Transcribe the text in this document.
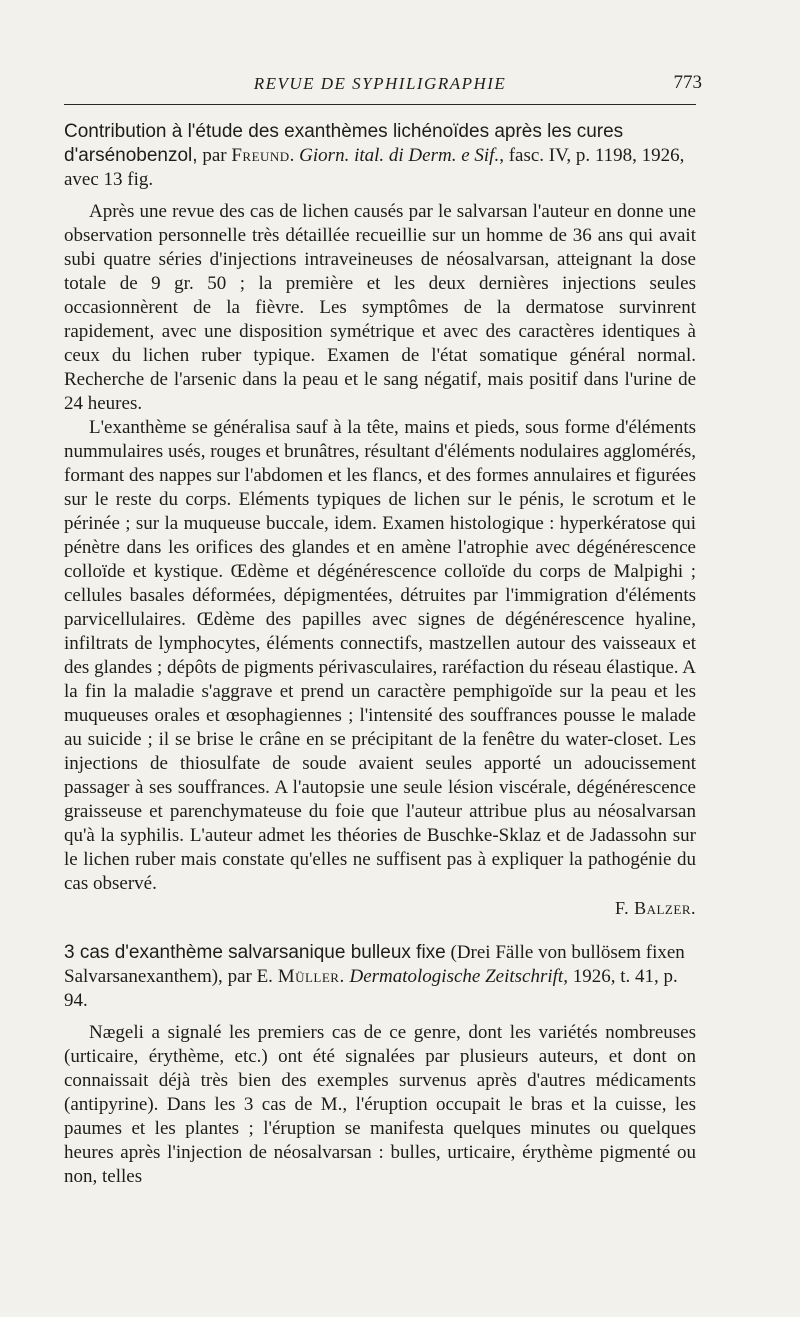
REVUE DE SYPHILIGRAPHIE	773

Contribution à l'étude des exanthèmes lichénoïdes après les cures d'arsénobenzol, par Freund. Giorn. ital. di Derm. e Sif., fasc. IV, p. 1198, 1926, avec 13 fig.

Après une revue des cas de lichen causés par le salvarsan l'auteur en donne une observation personnelle très détaillée recueillie sur un homme de 36 ans qui avait subi quatre séries d'injections intraveineuses de néosalvarsan, atteignant la dose totale de 9 gr. 50 ; la première et les deux dernières injections seules occasionnèrent de la fièvre. Les symptômes de la dermatose survinrent rapidement, avec une disposition symétrique et avec des caractères identiques à ceux du lichen ruber typique. Examen de l'état somatique général normal. Recherche de l'arsenic dans la peau et le sang négatif, mais positif dans l'urine de 24 heures.

L'exanthème se généralisa sauf à la tête, mains et pieds, sous forme d'éléments nummulaires usés, rouges et brunâtres, résultant d'éléments nodulaires agglomérés, formant des nappes sur l'abdomen et les flancs, et des formes annulaires et figurées sur le reste du corps. Eléments typiques de lichen sur le pénis, le scrotum et le périnée ; sur la muqueuse buccale, idem. Examen histologique : hyperkératose qui pénètre dans les orifices des glandes et en amène l'atrophie avec dégénérescence colloïde et kystique. Œdème et dégénérescence colloïde du corps de Malpighi ; cellules basales déformées, dépigmentées, détruites par l'immigration d'éléments parvicellulaires. Œdème des papilles avec signes de dégénérescence hyaline, infiltrats de lymphocytes, éléments connectifs, mastzellen autour des vaisseaux et des glandes ; dépôts de pigments périvasculaires, raréfaction du réseau élastique. A la fin la maladie s'aggrave et prend un caractère pemphigoïde sur la peau et les muqueuses orales et œsophagiennes ; l'intensité des souffrances pousse le malade au suicide ; il se brise le crâne en se précipitant de la fenêtre du water-closet. Les injections de thiosulfate de soude avaient seules apporté un adoucissement passager à ses souffrances. A l'autopsie une seule lésion viscérale, dégénérescence graisseuse et parenchymateuse du foie que l'auteur attribue plus au néosalvarsan qu'à la syphilis. L'auteur admet les théories de Buschke-Sklaz et de Jadassohn sur le lichen ruber mais constate qu'elles ne suffisent pas à expliquer la pathogénie du cas observé.

F. Balzer.

3 cas d'exanthème salvarsanique bulleux fixe (Drei Fälle von bullösem fixen Salvarsanexanthem), par E. Müller. Dermatologische Zeitschrift, 1926, t. 41, p. 94.

Nægeli a signalé les premiers cas de ce genre, dont les variétés nombreuses (urticaire, érythème, etc.) ont été signalées par plusieurs auteurs, et dont on connaissait déjà très bien des exemples survenus après d'autres médicaments (antipyrine). Dans les 3 cas de M., l'éruption occupait le bras et la cuisse, les paumes et les plantes ; l'éruption se manifesta quelques minutes ou quelques heures après l'injection de néosalvarsan : bulles, urticaire, érythème pigmenté ou non, telles
